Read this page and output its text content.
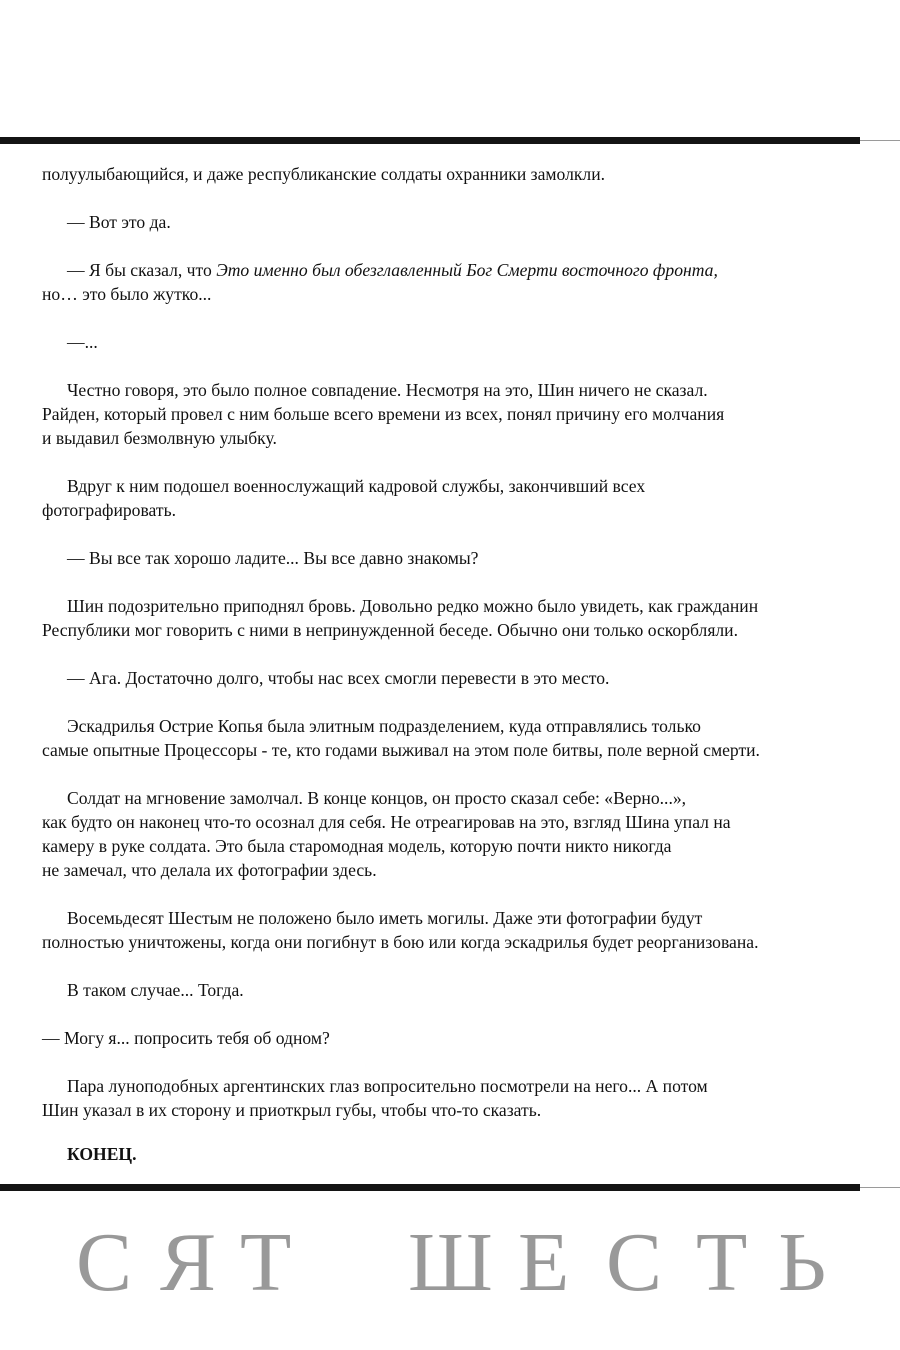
полуулыбающийся, и даже республиканские солдаты охранники замолкли.

— Вот это да.

— Я бы сказал, что Это именно был обезглавленный Бог Смерти восточного фронта,
но… это было жутко...

—...

Честно говоря, это было полное совпадение. Несмотря на это, Шин ничего не сказал.
Райден, который провел с ним больше всего времени из всех, понял причину его молчания
и выдавил безмолвную улыбку.

Вдруг к ним подошел военнослужащий кадровой службы, закончивший всех
фотографировать.

— Вы все так хорошо ладите... Вы все давно знакомы?

Шин подозрительно приподнял бровь. Довольно редко можно было увидеть, как гражданин
Республики мог говорить с ними в непринужденной беседе. Обычно они только оскорбляли.

— Ага. Достаточно долго, чтобы нас всех смогли перевести в это место.

Эскадрилья Острие Копья была элитным подразделением, куда отправлялись только
самые опытные Процессоры - те, кто годами выживал на этом поле битвы, поле верной смерти.

Солдат на мгновение замолчал. В конце концов, он просто сказал себе: «Верно...»,
как будто он наконец что-то осознал для себя. Не отреагировав на это, взгляд Шина упал на
камеру в руке солдата. Это была старомодная модель, которую почти никто никогда
не замечал, что делала их фотографии здесь.

Восемьдесят Шестым не положено было иметь могилы. Даже эти фотографии будут
полностью уничтожены, когда они погибнут в бою или когда эскадрилья будет реорганизована.

В таком случае... Тогда.

— Могу я... попросить тебя об одном?

Пара луноподобных аргентинских глаз вопросительно посмотрели на него... А потом
Шин указал в их сторону и приоткрыл губы, чтобы что-то сказать.

КОНЕЦ.

С Я Т Ш Е С Т Ь
